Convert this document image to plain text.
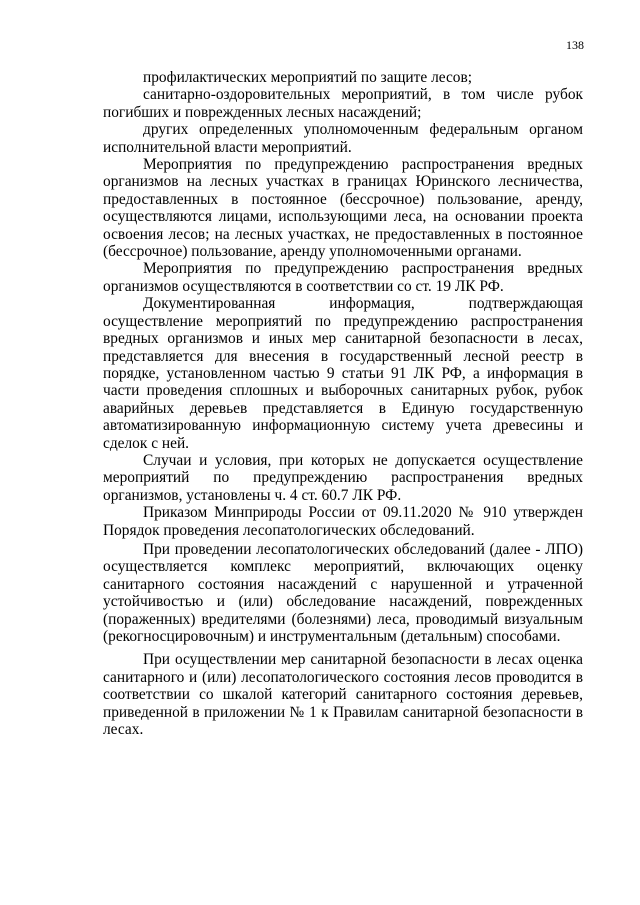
138

профилактических мероприятий по защите лесов;

санитарно-оздоровительных мероприятий, в том числе рубок погибших и поврежденных лесных насаждений;

других определенных уполномоченным федеральным органом исполнительной власти мероприятий.

Мероприятия по предупреждению распространения вредных организмов на лесных участках в границах Юринского лесничества, предоставленных в постоянное (бессрочное) пользование, аренду, осуществляются лицами, использующими леса, на основании проекта освоения лесов; на лесных участках, не предоставленных в постоянное (бессрочное) пользование, аренду уполномоченными органами.

Мероприятия по предупреждению распространения вредных организмов осуществляются в соответствии со ст. 19 ЛК РФ.

Документированная информация, подтверждающая осуществление мероприятий по предупреждению распространения вредных организмов и иных мер санитарной безопасности в лесах, представляется для внесения в государственный лесной реестр в порядке, установленном частью 9 статьи 91 ЛК РФ, а информация в части проведения сплошных и выборочных санитарных рубок, рубок аварийных деревьев представляется в Единую государственную автоматизированную информационную систему учета древесины и сделок с ней.

Случаи и условия, при которых не допускается осуществление мероприятий по предупреждению распространения вредных организмов, установлены ч. 4 ст. 60.7 ЛК РФ.

Приказом Минприроды России от 09.11.2020 № 910 утвержден Порядок проведения лесопатологических обследований.

При проведении лесопатологических обследований (далее - ЛПО) осуществляется комплекс мероприятий, включающих оценку санитарного состояния насаждений с нарушенной и утраченной устойчивостью и (или) обследование насаждений, поврежденных (пораженных) вредителями (болезнями) леса, проводимый визуальным (рекогносцировочным) и инструментальным (детальным) способами.

При осуществлении мер санитарной безопасности в лесах оценка санитарного и (или) лесопатологического состояния лесов проводится в соответствии со шкалой категорий санитарного состояния деревьев, приведенной в приложении № 1 к Правилам санитарной безопасности в лесах.
